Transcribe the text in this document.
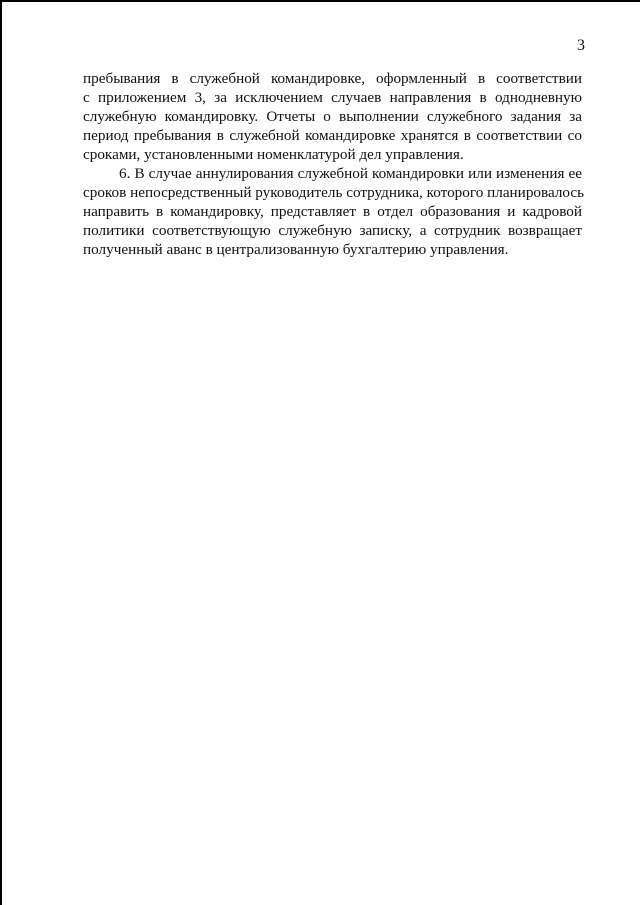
3
пребывания в служебной командировке, оформленный в соответствии
с приложением 3, за исключением случаев направления в однодневную
служебную командировку. Отчеты о выполнении служебного задания за
период пребывания в служебной командировке хранятся в соответствии со
сроками, установленными номенклатурой дел управления.
6. В случае аннулирования служебной командировки или изменения ее
сроков непосредственный руководитель сотрудника, которого планировалось
направить в командировку, представляет в отдел образования и кадровой
политики соответствующую служебную записку, а сотрудник возвращает
полученный аванс в централизованную бухгалтерию управления.
